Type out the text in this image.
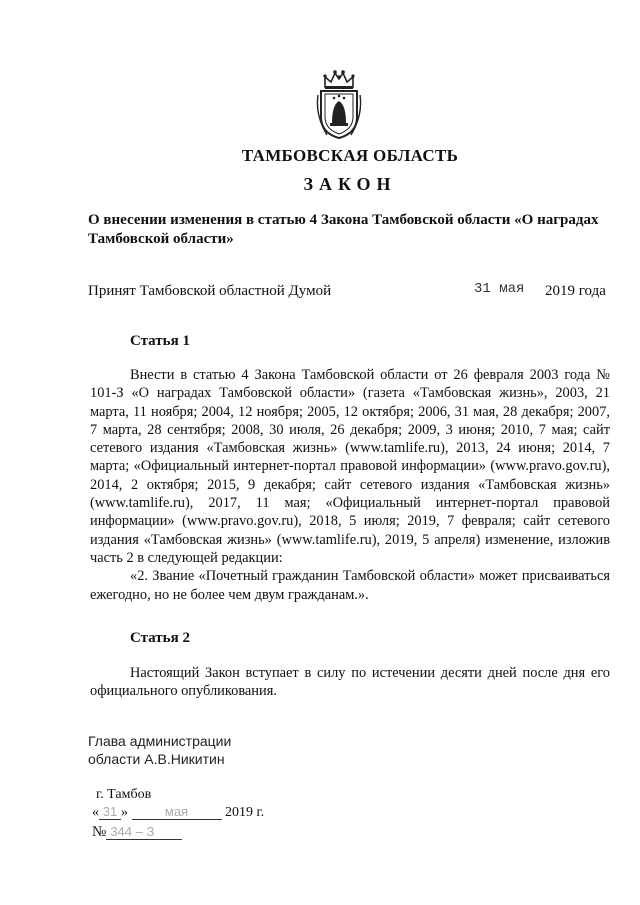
ТАМБОВСКАЯ ОБЛАСТЬ
ЗАКОН
О внесении изменения в статью 4 Закона Тамбовской области «О наградах Тамбовской области»
Принят Тамбовской областной Думой	31 мая 2019 года
Статья 1

Внести в статью 4 Закона Тамбовской области от 26 февраля 2003 года № 101-З «О наградах Тамбовской области» (газета «Тамбовская жизнь», 2003, 21 марта, 11 ноября; 2004, 12 ноября; 2005, 12 октября; 2006, 31 мая, 28 декабря; 2007, 7 марта, 28 сентября; 2008, 30 июля, 26 декабря; 2009, 3 июня; 2010, 7 мая; сайт сетевого издания «Тамбовская жизнь» (www.tamlife.ru), 2013, 24 июня; 2014, 7 марта; «Официальный интернет-портал правовой информации» (www.pravo.gov.ru), 2014, 2 октября; 2015, 9 декабря; сайт сетевого издания «Тамбовская жизнь» (www.tamlife.ru), 2017, 11 мая; «Официальный интернет-портал правовой информации» (www.pravo.gov.ru), 2018, 5 июля; 2019, 7 февраля; сайт сетевого издания «Тамбовская жизнь» (www.tamlife.ru), 2019, 5 апреля) изменение, изложив часть 2 в следующей редакции:

«2. Звание «Почетный гражданин Тамбовской области» может присваиваться ежегодно, но не более чем двум гражданам.».

Статья 2

Настоящий Закон вступает в силу по истечении десяти дней после дня его официального опубликования.

Глава администрации
области А.В.Никитин
г. Тамбов
« 31 »	мая	2019 г.
№ 344 – З
